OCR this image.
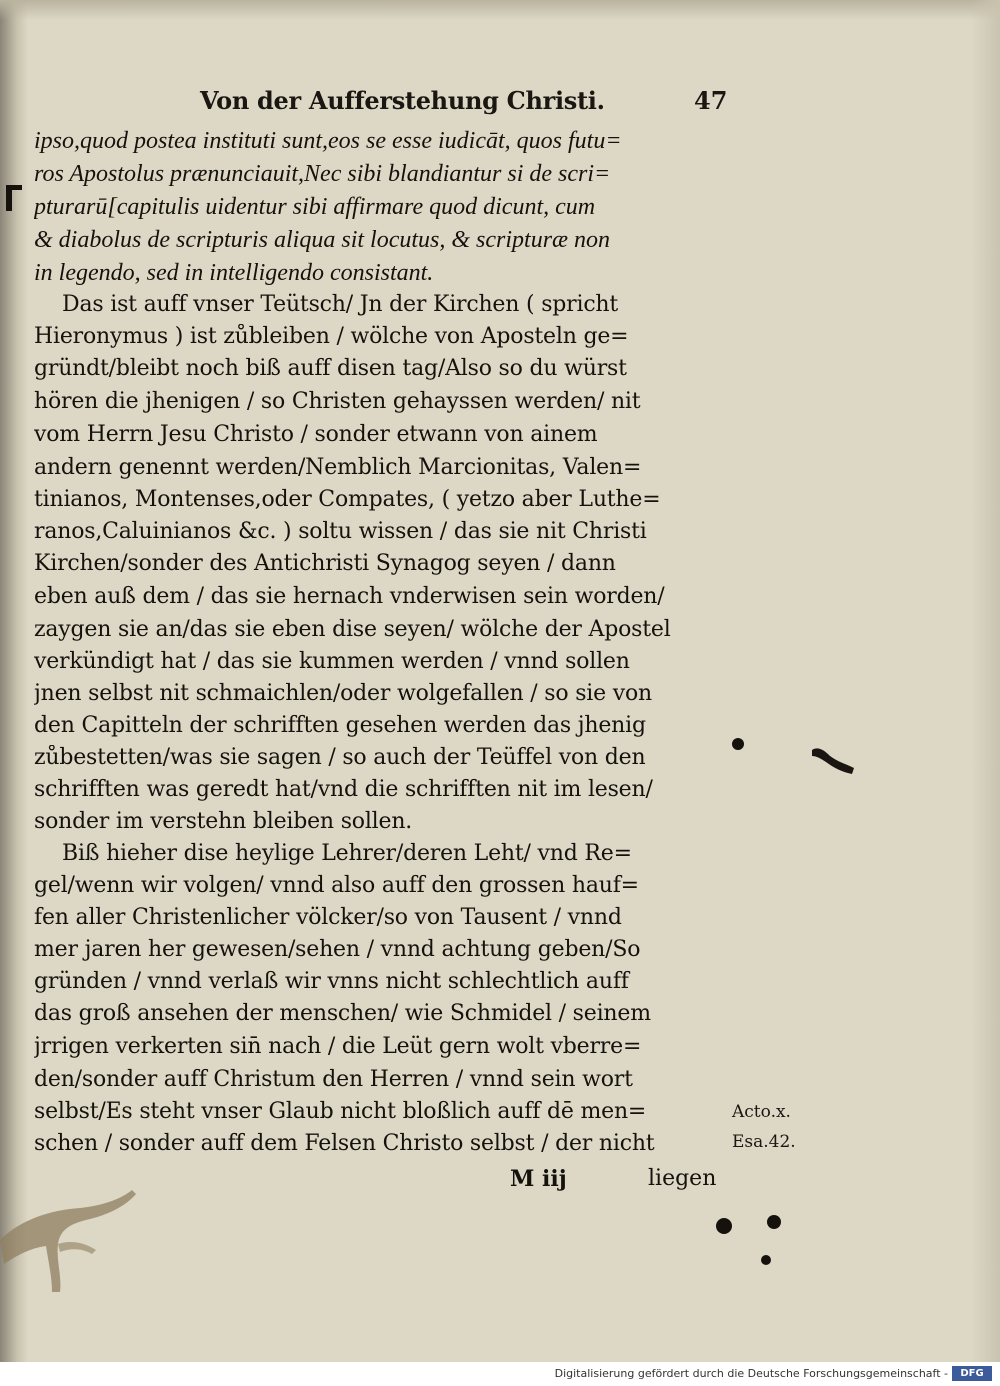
Von der Aufferstehung Christi.	47
ipso,quod postea instituti sunt,eos se esse iudicāt, quos futu=
ros Apostolus prænunciauit,Nec sibi blandiantur si de scri=
pturarū[capitulis uidentur sibi affirmare quod dicunt, cum
& diabolus de scripturis aliqua sit locutus, & scripturæ non
in legendo, sed in intelligendo consistant.
Das ist auff vnser Teütsch/ Jn der Kirchen ( spricht
Hieronymus ) ist zůbleiben / wölche von Aposteln ge=
gründt/bleibt noch biß auff disen tag/Also so du würst
hören die jhenigen / so Christen gehayssen werden/ nit
vom Herrn Jesu Christo / sonder etwann von ainem
andern genennt werden/Nemblich Marcionitas, Valen=
tinianos, Montenses,oder Compates, ( yetzo aber Luthe=
ranos,Caluinianos &c. ) soltu wissen / das sie nit Christi
Kirchen/sonder des Antichristi Synagog seyen / dann
eben auß dem / das sie hernach vnderwisen sein worden/
zaygen sie an/das sie eben dise seyen/ wölche der Apostel
verkündigt hat / das sie kummen werden / vnnd sollen
jnen selbst nit schmaichlen/oder wolgefallen / so sie von
den Capitteln der schrifften gesehen werden das jhenig
zůbestetten/was sie sagen / so auch der Teüffel von den
schrifften was geredt hat/vnd die schrifften nit im lesen/
sonder im verstehn bleiben sollen.
Biß hieher dise heylige Lehrer/deren Leht/ vnd Re=
gel/wenn wir volgen/ vnnd also auff den grossen hauf=
fen aller Christenlicher völcker/so von Tausent / vnnd
mer jaren her gewesen/sehen / vnnd achtung geben/So
gründen / vnnd verlaß wir vnns nicht schlechtlich auff
das groß ansehen der menschen/ wie Schmidel / seinem
jrrigen verkerten sin̄ nach / die Leüt gern wolt vberre=
den/sonder auff Christum den Herren / vnnd sein wort
selbst/Es steht vnser Glaub nicht bloßlich auff dē men=
schen / sonder auff dem Felsen Christo selbst / der nicht
Acto.x.
Esa.42.
M iij	liegen
Digitalisierung gefördert durch die Deutsche Forschungsgemeinschaft -	DFG
